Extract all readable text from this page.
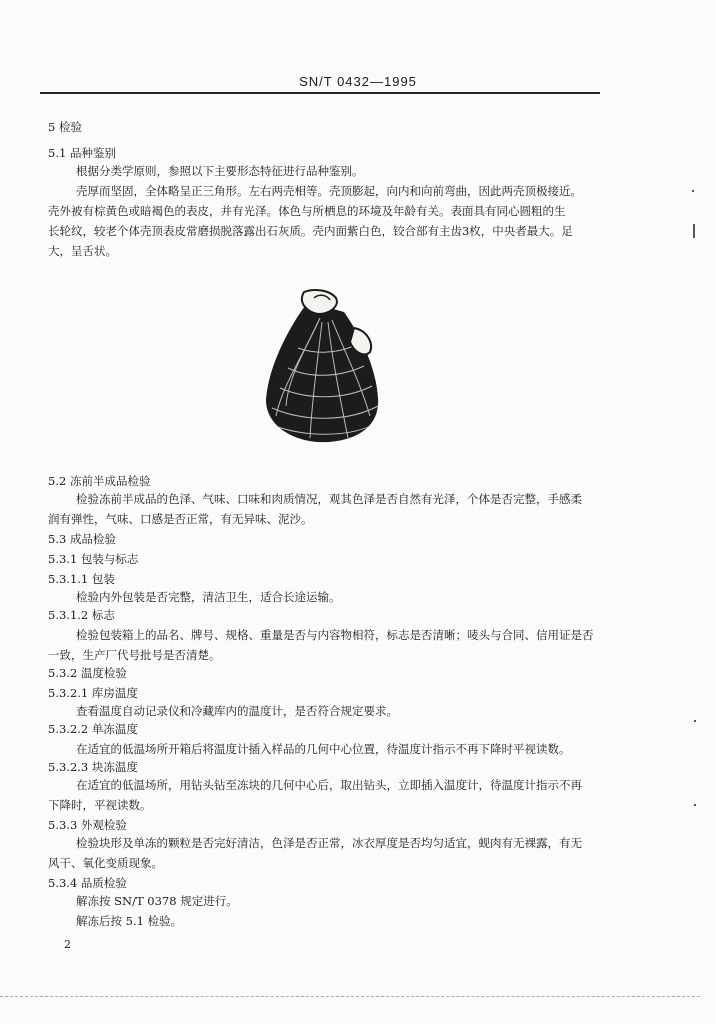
SN/T 0432—1995
5 检验
5.1 品种鉴别
根据分类学原则，参照以下主要形态特征进行品种鉴别。
壳厚而坚固，全体略呈正三角形。左右两壳相等。壳顶膨起，向内和向前弯曲，因此两壳顶极接近。
壳外被有棕黄色或暗褐色的表皮，并有光泽。体色与所栖息的环境及年龄有关。表面具有同心圆粗的生
长轮纹，较老个体壳顶表皮常磨损脱落露出石灰质。壳内面紫白色，铰合部有主齿3枚，中央者最大。足
大，呈舌状。
5.2 冻前半成品检验
检验冻前半成品的色泽、气味、口味和肉质情况，观其色泽是否自然有光泽，个体是否完整，手感柔
润有弹性，气味、口感是否正常，有无异味、泥沙。
5.3 成品检验
5.3.1 包装与标志
5.3.1.1 包装
检验内外包装是否完整，清洁卫生，适合长途运输。
5.3.1.2 标志
检验包装箱上的品名、牌号、规格、重量是否与内容物相符，标志是否清晰；唛头与合同、信用证是否
一致，生产厂代号批号是否清楚。
5.3.2 温度检验
5.3.2.1 库房温度
查看温度自动记录仪和冷藏库内的温度计，是否符合规定要求。
5.3.2.2 单冻温度
在适宜的低温场所开箱后将温度计插入样品的几何中心位置，待温度计指示不再下降时平视读数。
5.3.2.3 块冻温度
在适宜的低温场所，用钻头钻至冻块的几何中心后，取出钻头，立即插入温度计，待温度计指示不再
下降时，平视读数。
5.3.3 外观检验
检验块形及单冻的颗粒是否完好清洁，色泽是否正常，冰衣厚度是否均匀适宜，蚬肉有无裸露，有无
风干、氧化变质现象。
5.3.4 品质检验
解冻按 SN/T 0378 规定进行。
解冻后按 5.1 检验。
2
